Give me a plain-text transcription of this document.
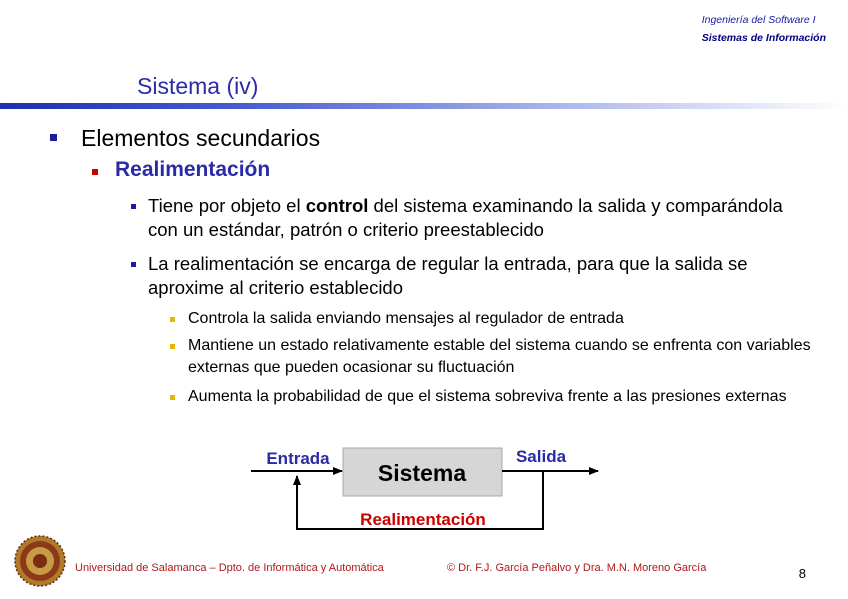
Ingeniería del Software I
Sistemas de Información
Sistema (iv)
Elementos secundarios
Realimentación
Tiene por objeto el control del sistema examinando la salida y comparándola con un estándar, patrón o criterio preestablecido
La realimentación se encarga de regular la entrada, para que la salida se aproxime al criterio establecido
Controla la salida enviando mensajes al regulador de entrada
Mantiene un estado relativamente estable del sistema cuando se enfrenta con variables externas que pueden ocasionar su fluctuación
Aumenta la probabilidad de que el sistema sobreviva frente a las presiones externas
Sistema
Entrada	Salida
Realimentación
Universidad de Salamanca – Dpto. de Informática y Automática	© Dr. F.J. García Peñalvo y Dra. M.N. Moreno García	8
